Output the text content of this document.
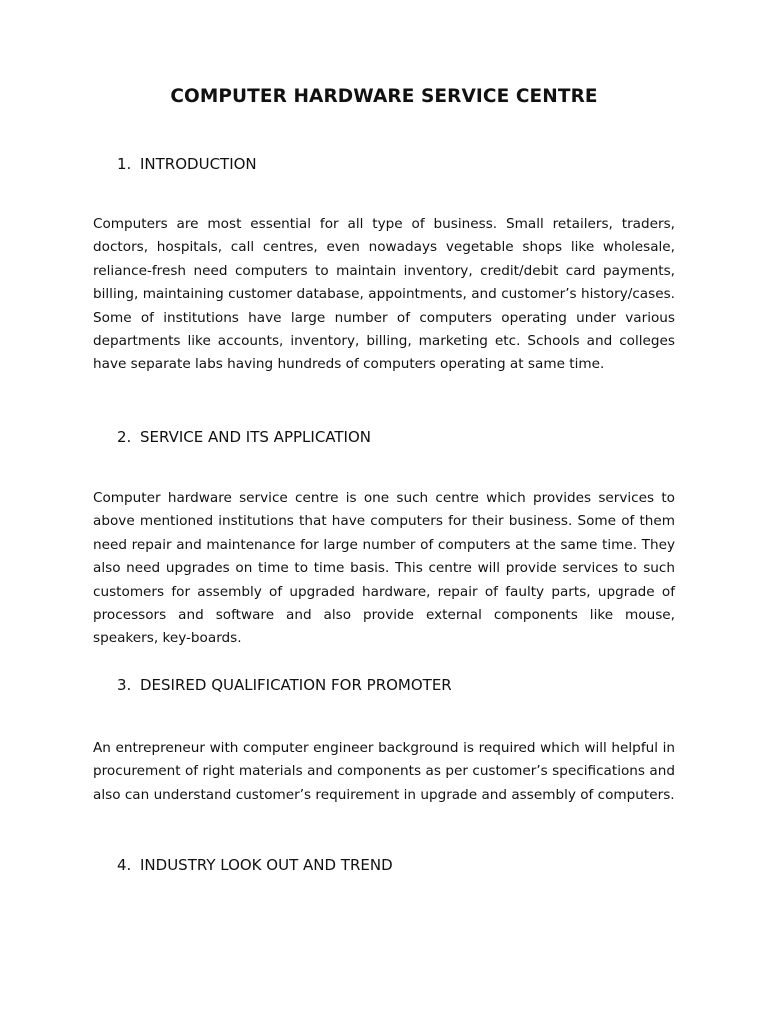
COMPUTER HARDWARE SERVICE CENTRE
1. INTRODUCTION

Computers are most essential for all type of business. Small retailers, traders, doctors, hospitals, call centres, even nowadays vegetable shops like wholesale, reliance-fresh need computers to maintain inventory, credit/debit card payments, billing, maintaining customer database, appointments, and customer’s history/cases. Some of institutions have large number of computers operating under various departments like accounts, inventory, billing, marketing etc. Schools and colleges have separate labs having hundreds of computers operating at same time.

2. SERVICE AND ITS APPLICATION

Computer hardware service centre is one such centre which provides services to above mentioned institutions that have computers for their business. Some of them need repair and maintenance for large number of computers at the same time. They also need upgrades on time to time basis. This centre will provide services to such customers for assembly of upgraded hardware, repair of faulty parts, upgrade of processors and software and also provide external components like mouse, speakers, key-boards.

3. DESIRED QUALIFICATION FOR PROMOTER

An entrepreneur with computer engineer background is required which will helpful in procurement of right materials and components as per customer’s specifications and also can understand customer’s requirement in upgrade and assembly of computers.

4. INDUSTRY LOOK OUT AND TREND
